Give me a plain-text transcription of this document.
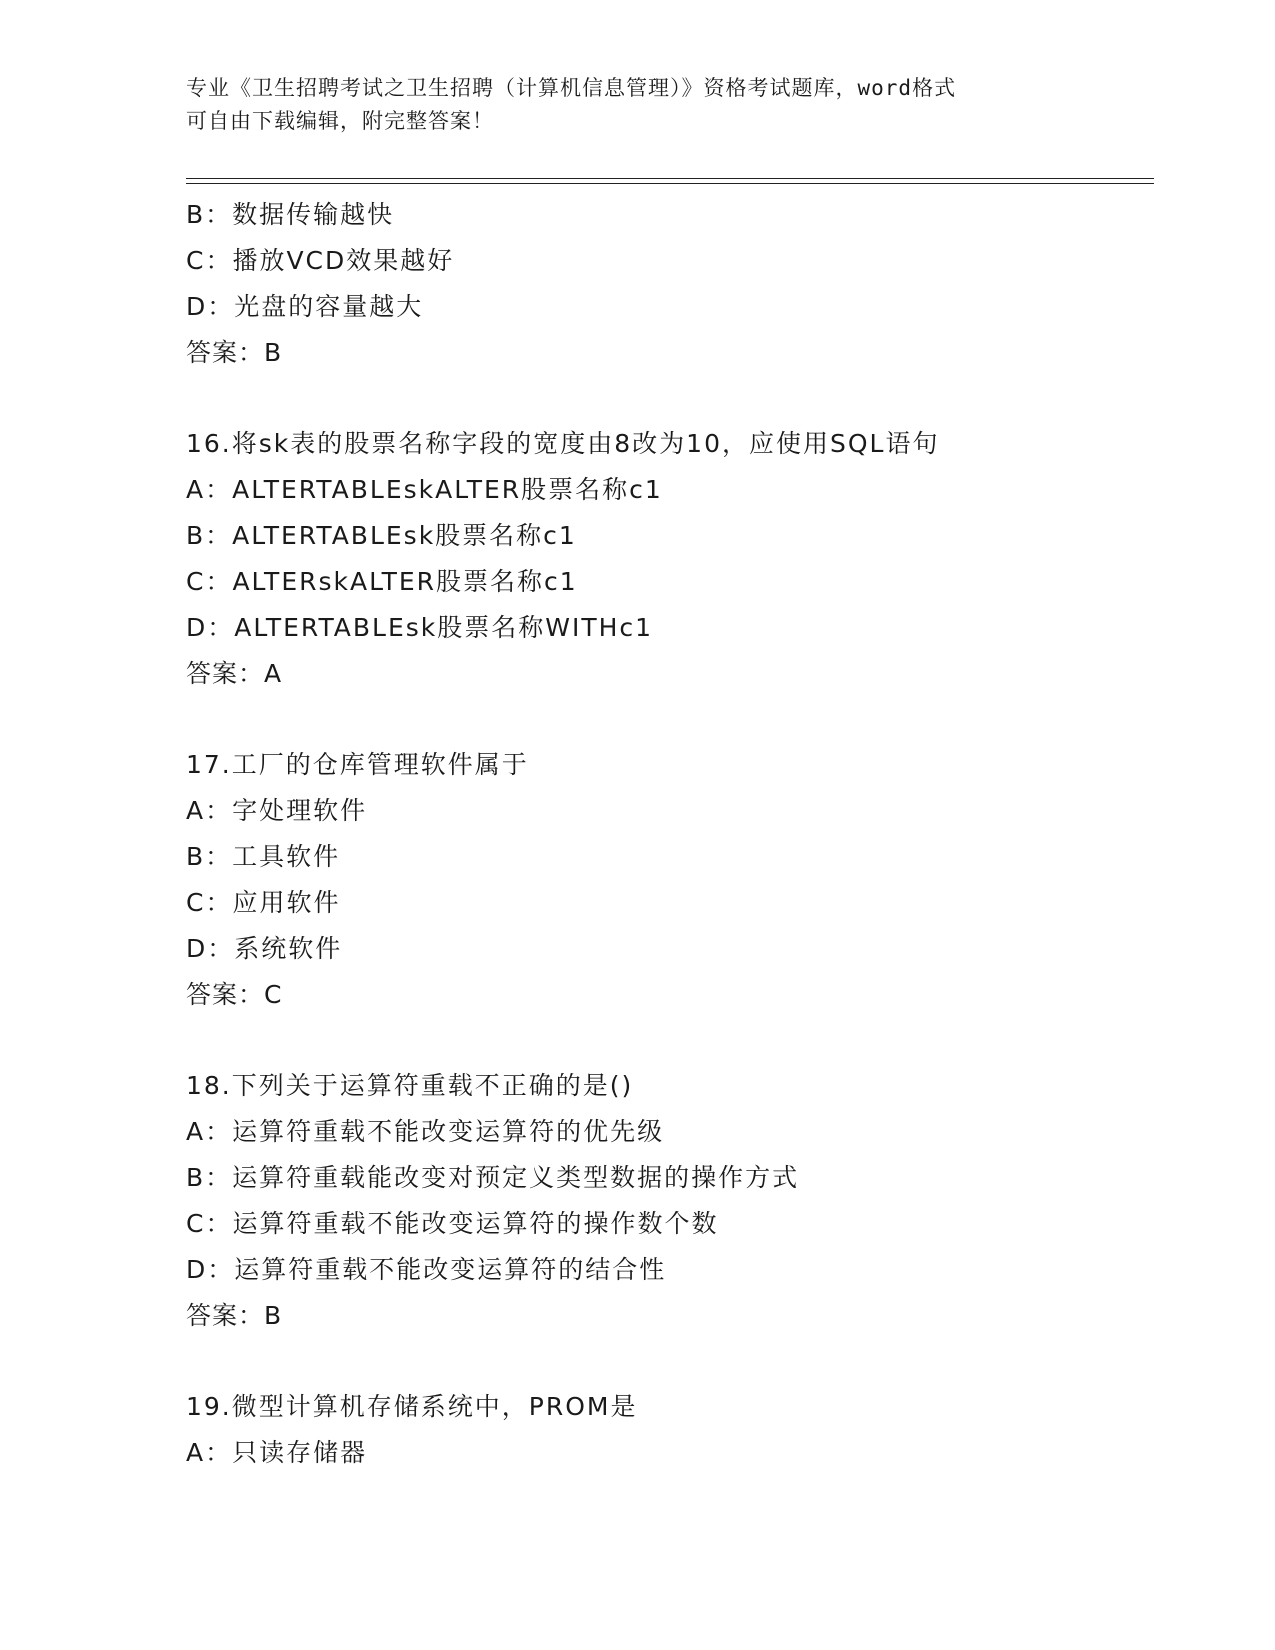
专业《卫生招聘考试之卫生招聘（计算机信息管理）》资格考试题库，word格式
可自由下载编辑，附完整答案！
B：数据传输越快
C：播放VCD效果越好
D：光盘的容量越大
答案：B
16.将sk表的股票名称字段的宽度由8改为10，应使用SQL语句
A：ALTERTABLEskALTER股票名称c1
B：ALTERTABLEsk股票名称c1
C：ALTERskALTER股票名称c1
D：ALTERTABLEsk股票名称WITHc1
答案：A
17.工厂的仓库管理软件属于
A：字处理软件
B：工具软件
C：应用软件
D：系统软件
答案：C
18.下列关于运算符重载不正确的是()
A：运算符重载不能改变运算符的优先级
B：运算符重载能改变对预定义类型数据的操作方式
C：运算符重载不能改变运算符的操作数个数
D：运算符重载不能改变运算符的结合性
答案：B
19.微型计算机存储系统中，PROM是
A：只读存储器
